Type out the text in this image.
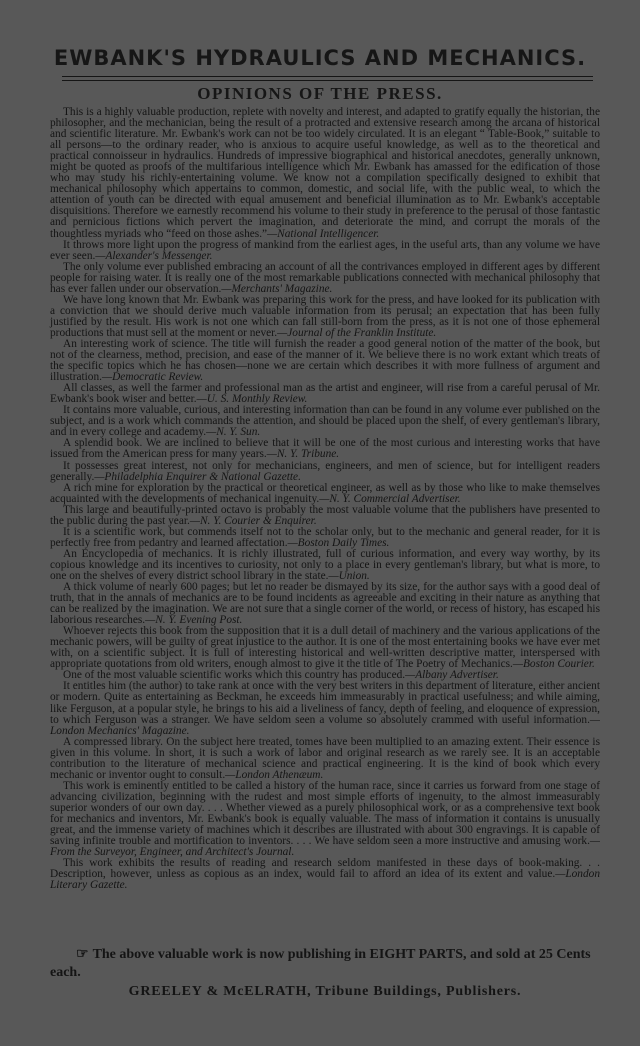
EWBANK'S HYDRAULICS AND MECHANICS.
OPINIONS OF THE PRESS.

This is a highly valuable production, replete with novelty and interest, and adapted to gratify equally the historian, the philosopher, and the mechanician, being the result of a protracted and extensive research among the arcana of historical and scientific literature. Mr. Ewbank's work can not be too widely circulated. It is an elegant “ Table-Book,” suitable to all persons—to the ordinary reader, who is anxious to acquire useful knowledge, as well as to the theoretical and practical connoisseur in hydraulics. Hundreds of impressive biographical and historical anecdotes, generally unknown, might be quoted as proofs of the multifarious intelligence which Mr. Ewbank has amassed for the edification of those who may study his richly-entertaining volume. We know not a compilation specifically designed to exhibit that mechanical philosophy which appertains to common, domestic, and social life, with the public weal, to which the attention of youth can be directed with equal amusement and beneficial illumination as to Mr. Ewbank's acceptable disquisitions. Therefore we earnestly recommend his volume to their study in preference to the perusal of those fantastic and pernicious fictions which pervert the imagination, and deteriorate the mind, and corrupt the morals of the thoughtless myriads who “feed on those ashes.”—National Intelligencer.

It throws more light upon the progress of mankind from the earliest ages, in the useful arts, than any volume we have ever seen.—Alexander's Messenger.

The only volume ever published embracing an account of all the contrivances employed in different ages by different people for raising water. It is really one of the most remarkable publications connected with mechanical philosophy that has ever fallen under our observation.—Merchants' Magazine.

We have long known that Mr. Ewbank was preparing this work for the press, and have looked for its publication with a conviction that we should derive much valuable information from its perusal; an expectation that has been fully justified by the result. His work is not one which can fall still-born from the press, as it is not one of those ephemeral productions that must sell at the moment or never.—Journal of the Franklin Institute.

An interesting work of science. The title will furnish the reader a good general notion of the matter of the book, but not of the clearness, method, precision, and ease of the manner of it. We believe there is no work extant which treats of the specific topics which he has chosen—none we are certain which describes it with more fullness of argument and illustration.—Democratic Review.

All classes, as well the farmer and professional man as the artist and engineer, will rise from a careful perusal of Mr. Ewbank's book wiser and better.—U. S. Monthly Review.

It contains more valuable, curious, and interesting information than can be found in any volume ever published on the subject, and is a work which commands the attention, and should be placed upon the shelf, of every gentleman's library, and in every college and academy.—N. Y. Sun.

A splendid book. We are inclined to believe that it will be one of the most curious and interesting works that have issued from the American press for many years.—N. Y. Tribune.

It possesses great interest, not only for mechanicians, engineers, and men of science, but for intelligent readers generally.—Philadelphia Enquirer & National Gazette.

A rich mine for exploration by the practical or theoretical engineer, as well as by those who like to make themselves acquainted with the developments of mechanical ingenuity.—N. Y. Commercial Advertiser.

This large and beautifully-printed octavo is probably the most valuable volume that the publishers have presented to the public during the past year.—N. Y. Courier & Enquirer.

It is a scientific work, but commends itself not to the scholar only, but to the mechanic and general reader, for it is perfectly free from pedantry and learned affectation.—Boston Daily Times.

An Encyclopedia of mechanics. It is richly illustrated, full of curious information, and every way worthy, by its copious knowledge and its incentives to curiosity, not only to a place in every gentleman's library, but what is more, to one on the shelves of every district school library in the state.—Union.

A thick volume of nearly 600 pages; but let no reader be dismayed by its size, for the author says with a good deal of truth, that in the annals of mechanics are to be found incidents as agreeable and exciting in their nature as anything that can be realized by the imagination. We are not sure that a single corner of the world, or recess of history, has escaped his laborious researches.—N. Y. Evening Post.

Whoever rejects this book from the supposition that it is a dull detail of machinery and the various applications of the mechanic powers, will be guilty of great injustice to the author. It is one of the most entertaining books we have ever met with, on a scientific subject. It is full of interesting historical and well-written descriptive matter, interspersed with appropriate quotations from old writers, enough almost to give it the title of The Poetry of Mechanics.—Boston Courier.

One of the most valuable scientific works which this country has produced.—Albany Advertiser.

It entitles him (the author) to take rank at once with the very best writers in this department of literature, either ancient or modern. Quite as entertaining as Beckman, he exceeds him immeasurably in practical usefulness; and while aiming, like Ferguson, at a popular style, he brings to his aid a liveliness of fancy, depth of feeling, and eloquence of expression, to which Ferguson was a stranger. We have seldom seen a volume so absolutely crammed with useful information.—London Mechanics' Magazine.

A compressed library. On the subject here treated, tomes have been multiplied to an amazing extent. Their essence is given in this volume. In short, it is such a work of labor and original research as we rarely see. It is an acceptable contribution to the literature of mechanical science and practical engineering. It is the kind of book which every mechanic or inventor ought to consult.—London Athenæum.

This work is eminently entitled to be called a history of the human race, since it carries us forward from one stage of advancing civilization, beginning with the rudest and most simple efforts of ingenuity, to the almost immeasurably superior wonders of our own day. . . . Whether viewed as a purely philosophical work, or as a comprehensive text book for mechanics and inventors, Mr. Ewbank's book is equally valuable. The mass of information it contains is unusually great, and the immense variety of machines which it describes are illustrated with about 300 engravings. It is capable of saving infinite trouble and mortification to inventors. . . . We have seldom seen a more instructive and amusing work.—From the Surveyor, Engineer, and Architect's Journal.

This work exhibits the results of reading and research seldom manifested in these days of book-making. . . Description, however, unless as copious as an index, would fail to afford an idea of its extent and value.—London Literary Gazette.

☞ The above valuable work is now publishing in EIGHT PARTS, and sold at 25 Cents each.

GREELEY & McELRATH, Tribune Buildings, Publishers.
